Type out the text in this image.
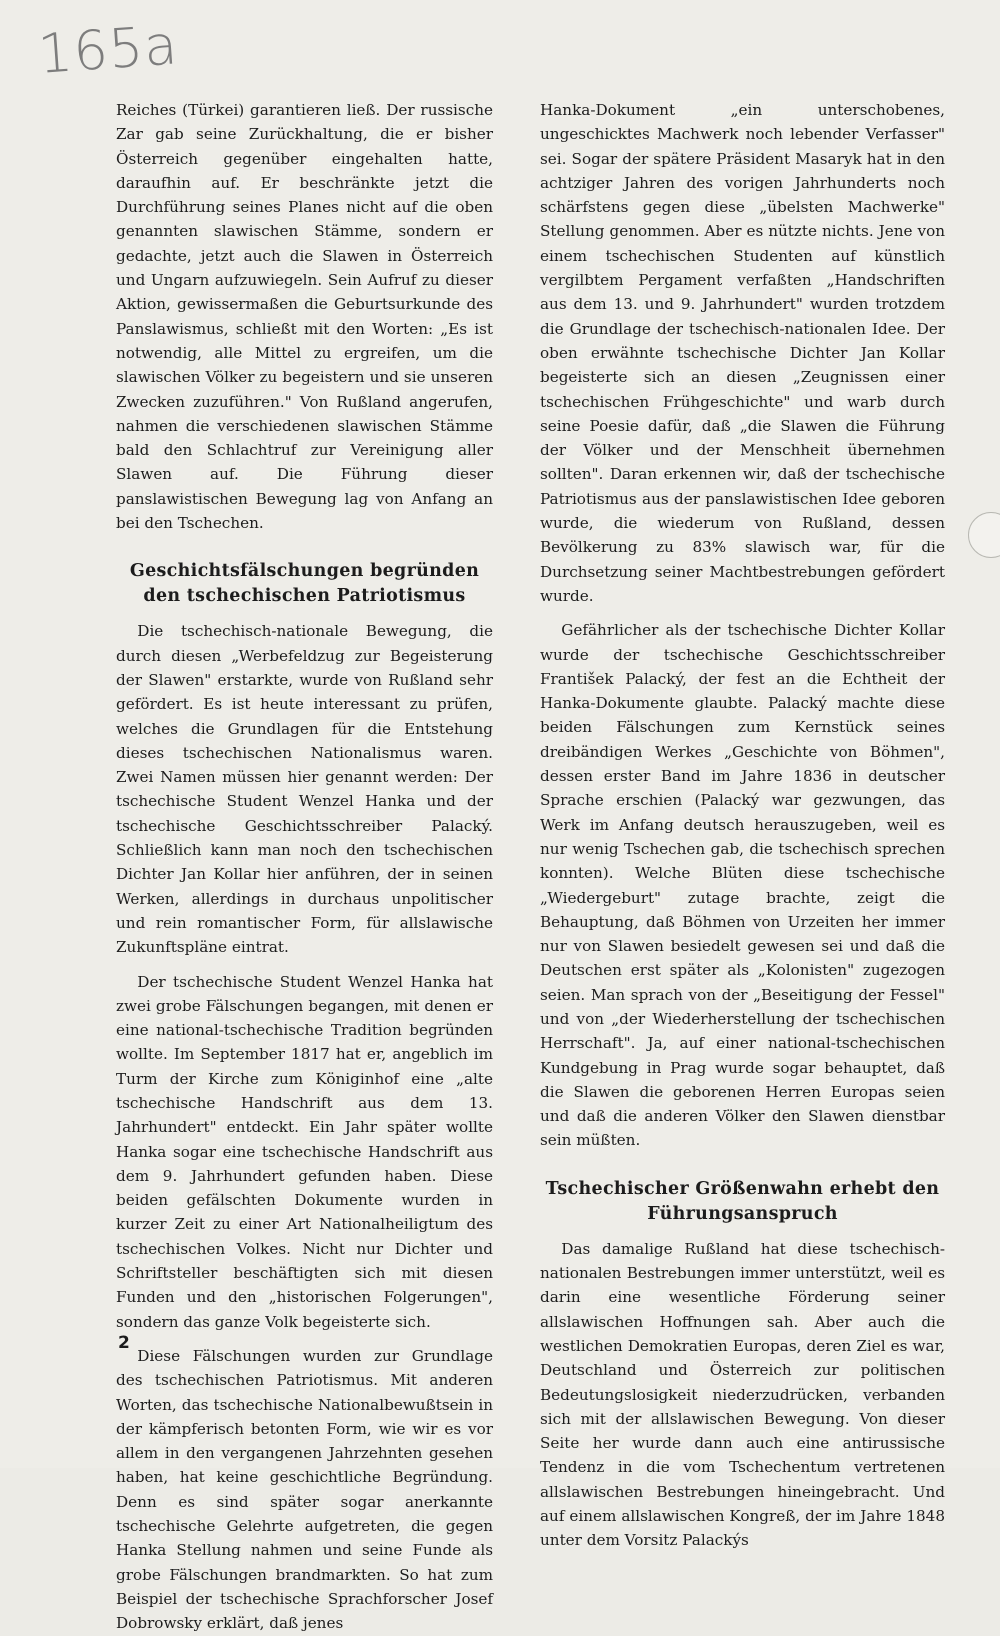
165a

Reiches (Türkei) garantieren ließ. Der russische Zar gab seine Zurückhaltung, die er bisher Österreich gegenüber eingehalten hatte, daraufhin auf. Er beschränkte jetzt die Durchführung seines Planes nicht auf die oben genannten slawischen Stämme, sondern er gedachte, jetzt auch die Slawen in Österreich und Ungarn aufzuwiegeln. Sein Aufruf zu dieser Aktion, gewissermaßen die Geburtsurkunde des Panslawismus, schließt mit den Worten: „Es ist notwendig, alle Mittel zu ergreifen, um die slawischen Völker zu begeistern und sie unseren Zwecken zuzuführen." Von Rußland angerufen, nahmen die verschiedenen slawischen Stämme bald den Schlachtruf zur Vereinigung aller Slawen auf. Die Führung dieser panslawistischen Bewegung lag von Anfang an bei den Tschechen.

Geschichtsfälschungen begründen den tschechischen Patriotismus

Die tschechisch-nationale Bewegung, die durch diesen „Werbefeldzug zur Begeisterung der Slawen" erstarkte, wurde von Rußland sehr gefördert. Es ist heute interessant zu prüfen, welches die Grundlagen für die Entstehung dieses tschechischen Nationalismus waren. Zwei Namen müssen hier genannt werden: Der tschechische Student Wenzel Hanka und der tschechische Geschichtsschreiber Palacký. Schließlich kann man noch den tschechischen Dichter Jan Kollar hier anführen, der in seinen Werken, allerdings in durchaus unpolitischer und rein romantischer Form, für allslawische Zukunftspläne eintrat.

Der tschechische Student Wenzel Hanka hat zwei grobe Fälschungen begangen, mit denen er eine national-tschechische Tradition begründen wollte. Im September 1817 hat er, angeblich im Turm der Kirche zum Königinhof eine „alte tschechische Handschrift aus dem 13. Jahrhundert" entdeckt. Ein Jahr später wollte Hanka sogar eine tschechische Handschrift aus dem 9. Jahrhundert gefunden haben. Diese beiden gefälschten Dokumente wurden in kurzer Zeit zu einer Art Nationalheiligtum des tschechischen Volkes. Nicht nur Dichter und Schriftsteller beschäftigten sich mit diesen Funden und den „historischen Folgerungen", sondern das ganze Volk begeisterte sich.

Diese Fälschungen wurden zur Grundlage des tschechischen Patriotismus. Mit anderen Worten, das tschechische Nationalbewußtsein in der kämpferisch betonten Form, wie wir es vor allem in den vergangenen Jahrzehnten gesehen haben, hat keine geschichtliche Begründung. Denn es sind später sogar anerkannte tschechische Gelehrte aufgetreten, die gegen Hanka Stellung nahmen und seine Funde als grobe Fälschungen brandmarkten. So hat zum Beispiel der tschechische Sprachforscher Josef Dobrowsky erklärt, daß jenes

Hanka-Dokument „ein unterschobenes, ungeschicktes Machwerk noch lebender Verfasser" sei. Sogar der spätere Präsident Masaryk hat in den achtziger Jahren des vorigen Jahrhunderts noch schärfstens gegen diese „übelsten Machwerke" Stellung genommen. Aber es nützte nichts. Jene von einem tschechischen Studenten auf künstlich vergilbtem Pergament verfaßten „Handschriften aus dem 13. und 9. Jahrhundert" wurden trotzdem die Grundlage der tschechisch-nationalen Idee. Der oben erwähnte tschechische Dichter Jan Kollar begeisterte sich an diesen „Zeugnissen einer tschechischen Frühgeschichte" und warb durch seine Poesie dafür, daß „die Slawen die Führung der Völker und der Menschheit übernehmen sollten". Daran erkennen wir, daß der tschechische Patriotismus aus der panslawistischen Idee geboren wurde, die wiederum von Rußland, dessen Bevölkerung zu 83% slawisch war, für die Durchsetzung seiner Machtbestrebungen gefördert wurde.

Gefährlicher als der tschechische Dichter Kollar wurde der tschechische Geschichtsschreiber František Palacký, der fest an die Echtheit der Hanka-Dokumente glaubte. Palacký machte diese beiden Fälschungen zum Kernstück seines dreibändigen Werkes „Geschichte von Böhmen", dessen erster Band im Jahre 1836 in deutscher Sprache erschien (Palacký war gezwungen, das Werk im Anfang deutsch herauszugeben, weil es nur wenig Tschechen gab, die tschechisch sprechen konnten). Welche Blüten diese tschechische „Wiedergeburt" zutage brachte, zeigt die Behauptung, daß Böhmen von Urzeiten her immer nur von Slawen besiedelt gewesen sei und daß die Deutschen erst später als „Kolonisten" zugezogen seien. Man sprach von der „Beseitigung der Fessel" und von „der Wiederherstellung der tschechischen Herrschaft". Ja, auf einer national-tschechischen Kundgebung in Prag wurde sogar behauptet, daß die Slawen die geborenen Herren Europas seien und daß die anderen Völker den Slawen dienstbar sein müßten.

Tschechischer Größenwahn erhebt den Führungsanspruch

Das damalige Rußland hat diese tschechisch-nationalen Bestrebungen immer unterstützt, weil es darin eine wesentliche Förderung seiner allslawischen Hoffnungen sah. Aber auch die westlichen Demokratien Europas, deren Ziel es war, Deutschland und Österreich zur politischen Bedeutungslosigkeit niederzudrücken, verbanden sich mit der allslawischen Bewegung. Von dieser Seite her wurde dann auch eine antirussische Tendenz in die vom Tschechentum vertretenen allslawischen Bestrebungen hineingebracht. Und auf einem allslawischen Kongreß, der im Jahre 1848 unter dem Vorsitz Palackýs

2
